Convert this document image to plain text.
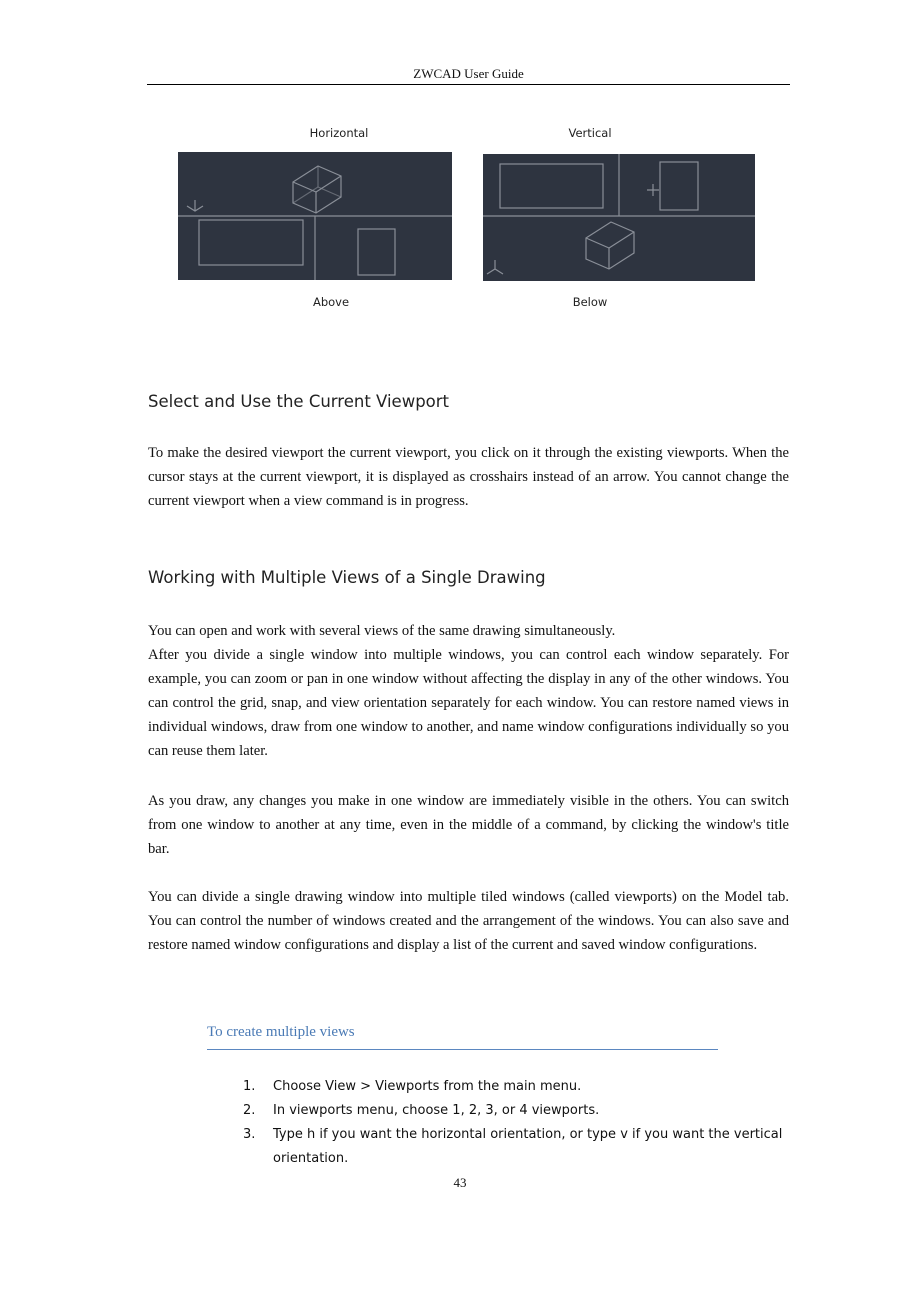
ZWCAD User Guide
Horizontal	Vertical
Above	Below
Select and Use the Current Viewport

To make the desired viewport the current viewport, you click on it through the existing viewports. When the cursor stays at the current viewport, it is displayed as crosshairs instead of an arrow. You cannot change the current viewport when a view command is in progress.

Working with Multiple Views of a Single Drawing

You can open and work with several views of the same drawing simultaneously.

After you divide a single window into multiple windows, you can control each window separately. For example, you can zoom or pan in one window without affecting the display in any of the other windows. You can control the grid, snap, and view orientation separately for each window. You can restore named views in individual windows, draw from one window to another, and name window configurations individually so you can reuse them later.

As you draw, any changes you make in one window are immediately visible in the others. You can switch from one window to another at any time, even in the middle of a command, by clicking the window's title bar.

You can divide a single drawing window into multiple tiled windows (called viewports) on the Model tab. You can control the number of windows created and the arrangement of the windows. You can also save and restore named window configurations and display a list of the current and saved window configurations.

To create multiple views
1. Choose View > Viewports from the main menu.
2. In viewports menu, choose 1, 2, 3, or 4 viewports.
3. Type h if you want the horizontal orientation, or type v if you want the vertical orientation.
43
